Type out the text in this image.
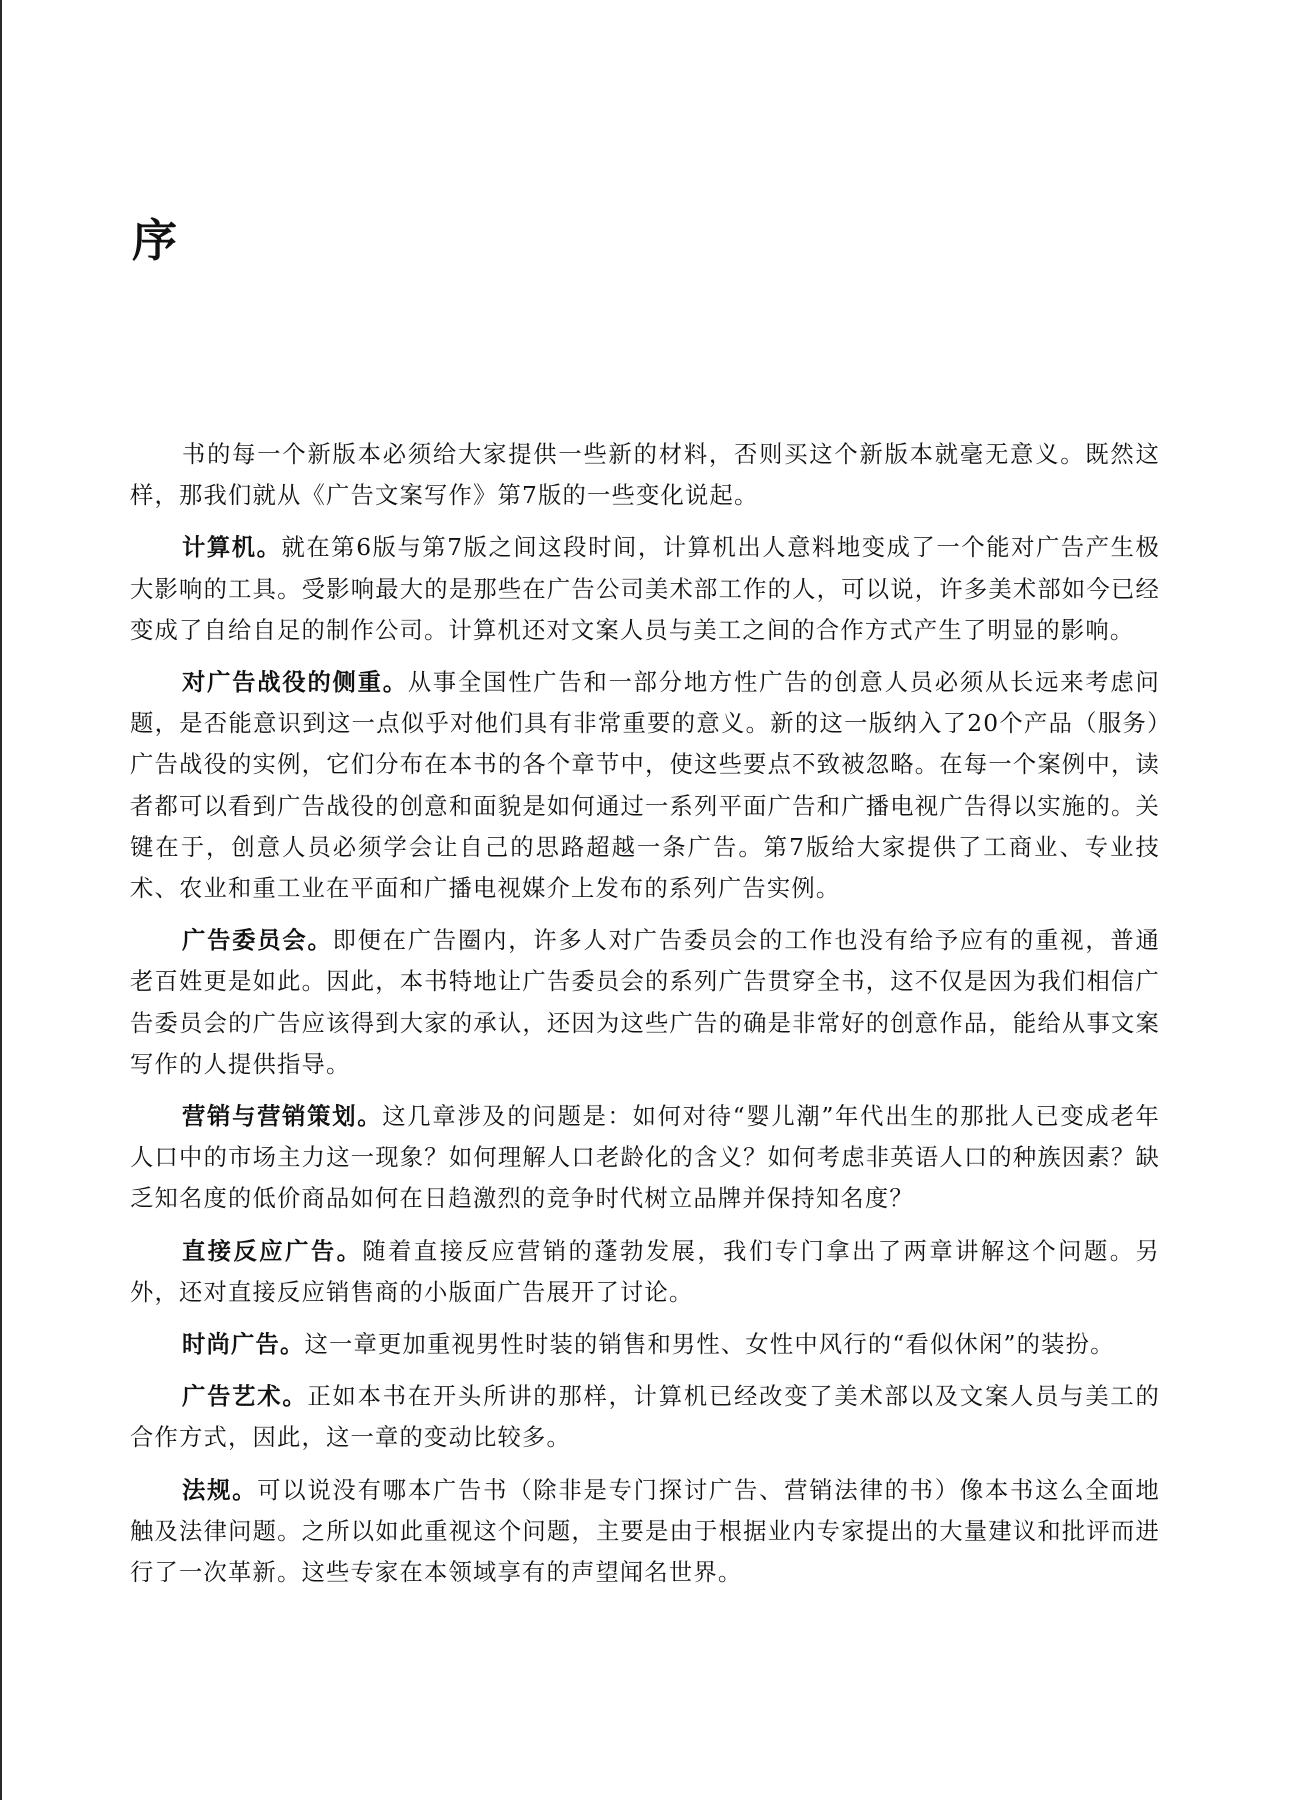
序

书的每一个新版本必须给大家提供一些新的材料，否则买这个新版本就毫无意义。既然这样，那我们就从《广告文案写作》第7版的一些变化说起。

计算机。就在第6版与第7版之间这段时间，计算机出人意料地变成了一个能对广告产生极大影响的工具。受影响最大的是那些在广告公司美术部工作的人，可以说，许多美术部如今已经变成了自给自足的制作公司。计算机还对文案人员与美工之间的合作方式产生了明显的影响。

对广告战役的侧重。从事全国性广告和一部分地方性广告的创意人员必须从长远来考虑问题，是否能意识到这一点似乎对他们具有非常重要的意义。新的这一版纳入了20个产品（服务）广告战役的实例，它们分布在本书的各个章节中，使这些要点不致被忽略。在每一个案例中，读者都可以看到广告战役的创意和面貌是如何通过一系列平面广告和广播电视广告得以实施的。关键在于，创意人员必须学会让自己的思路超越一条广告。第7版给大家提供了工商业、专业技术、农业和重工业在平面和广播电视媒介上发布的系列广告实例。

广告委员会。即便在广告圈内，许多人对广告委员会的工作也没有给予应有的重视，普通老百姓更是如此。因此，本书特地让广告委员会的系列广告贯穿全书，这不仅是因为我们相信广告委员会的广告应该得到大家的承认，还因为这些广告的确是非常好的创意作品，能给从事文案写作的人提供指导。

营销与营销策划。这几章涉及的问题是：如何对待“婴儿潮”年代出生的那批人已变成老年人口中的市场主力这一现象？如何理解人口老龄化的含义？如何考虑非英语人口的种族因素？缺乏知名度的低价商品如何在日趋激烈的竞争时代树立品牌并保持知名度？

直接反应广告。随着直接反应营销的蓬勃发展，我们专门拿出了两章讲解这个问题。另外，还对直接反应销售商的小版面广告展开了讨论。

时尚广告。这一章更加重视男性时装的销售和男性、女性中风行的“看似休闲”的装扮。

广告艺术。正如本书在开头所讲的那样，计算机已经改变了美术部以及文案人员与美工的合作方式，因此，这一章的变动比较多。

法规。可以说没有哪本广告书（除非是专门探讨广告、营销法律的书）像本书这么全面地触及法律问题。之所以如此重视这个问题，主要是由于根据业内专家提出的大量建议和批评而进行了一次革新。这些专家在本领域享有的声望闻名世界。
